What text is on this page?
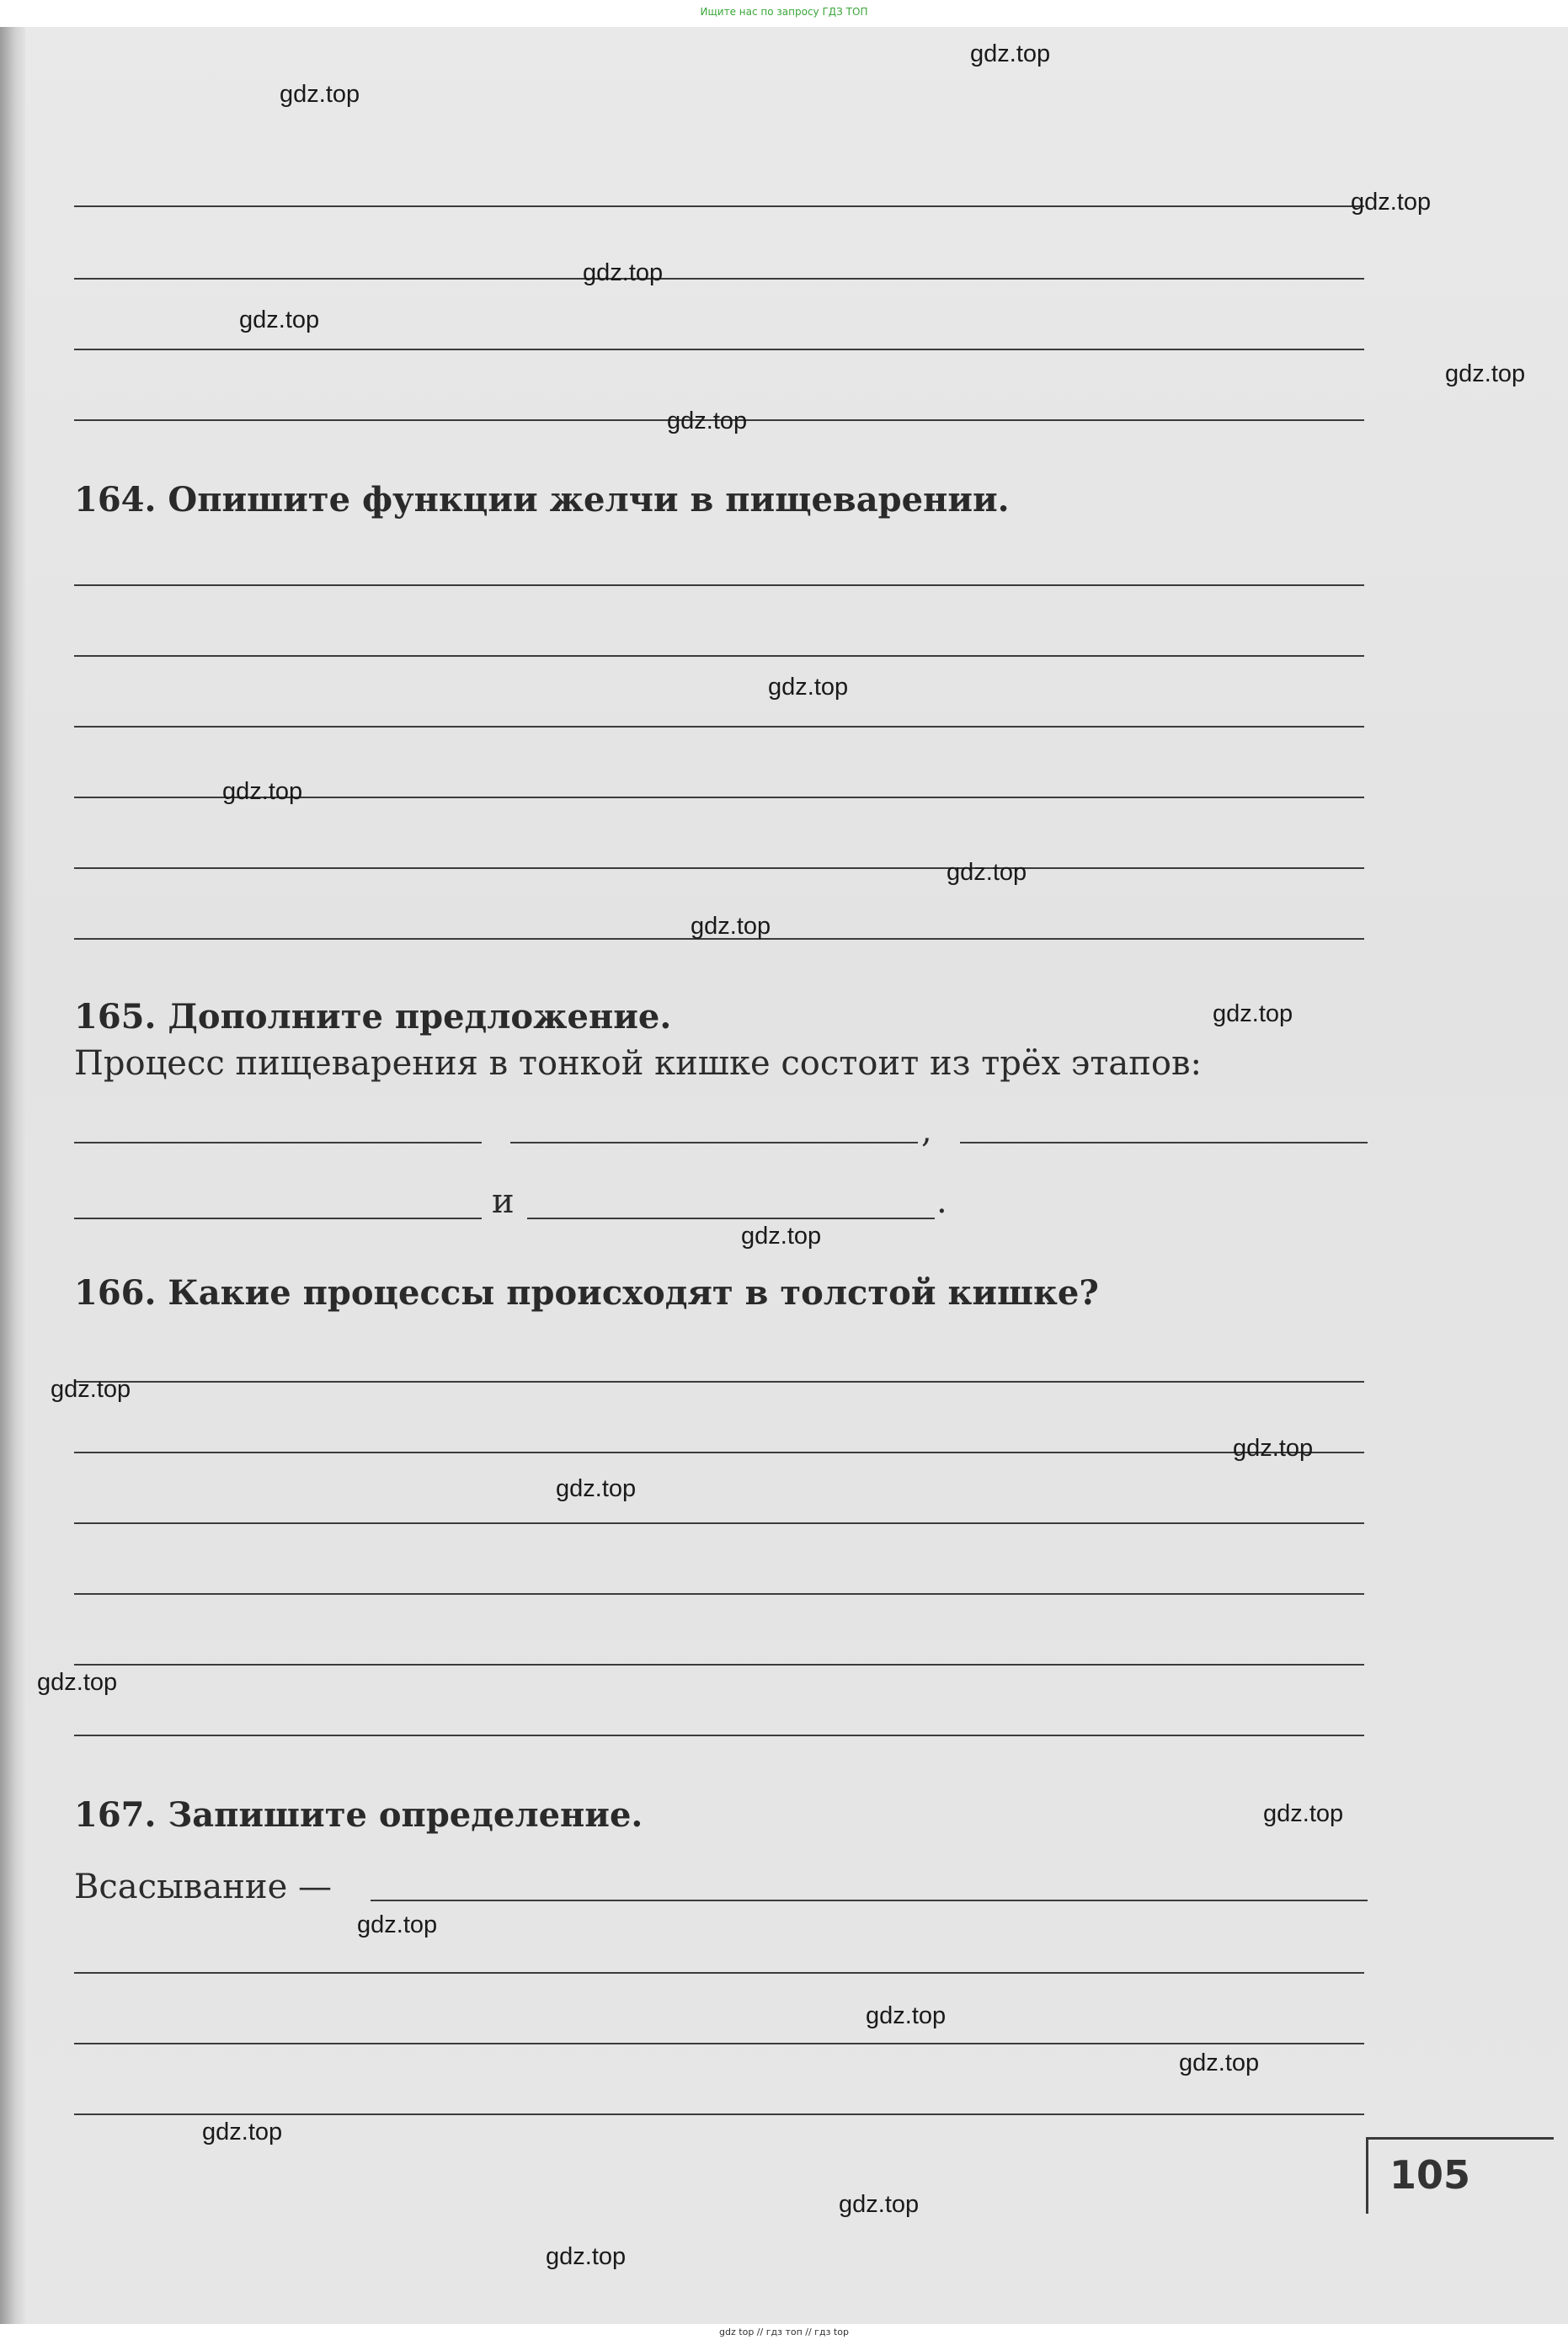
Ищите нас по запросу ГДЗ ТОП
164. Опишите функции желчи в пищеварении.
165. Дополните предложение.
Процесс пищеварения в тонкой кишке состоит из трёх этапов:
,
и	.
166. Какие процессы происходят в толстой кишке?
167. Запишите определение.
Всасывание —
105
gdz.top
gdz.top
gdz.top
gdz.top
gdz.top
gdz.top
gdz.top
gdz.top
gdz.top
gdz.top
gdz.top
gdz.top
gdz.top
gdz.top
gdz.top
gdz.top
gdz.top
gdz.top
gdz.top
gdz.top
gdz.top
gdz.top
gdz.top
gdz.top
gdz top // гдз топ // гдз top
